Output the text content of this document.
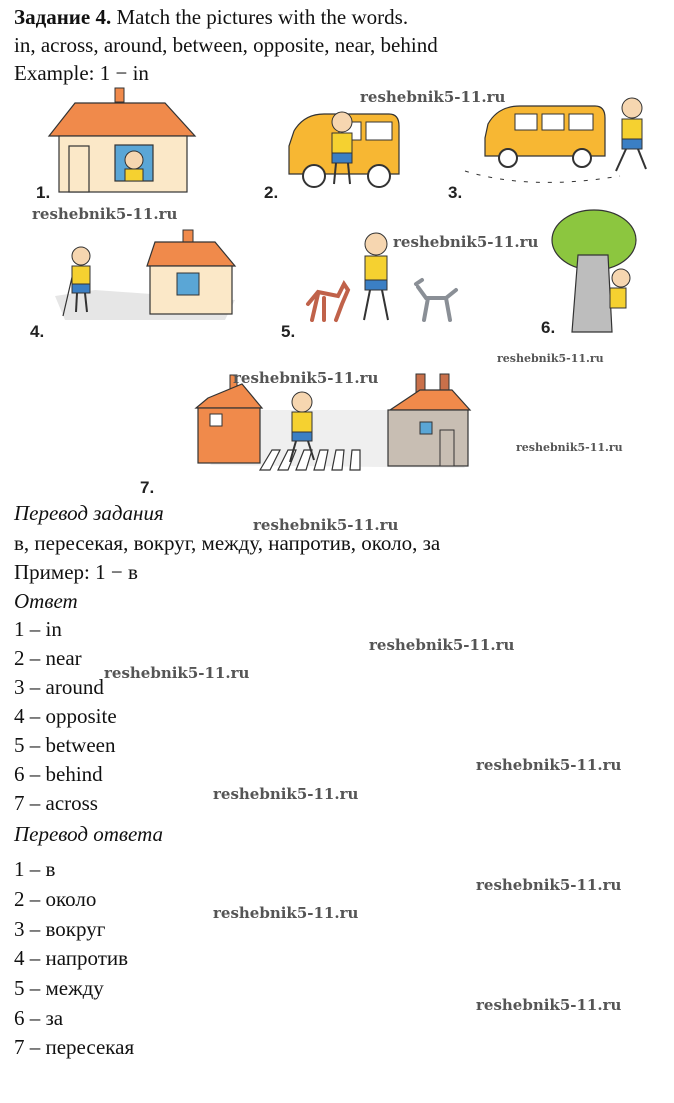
Задание 4. Match the pictures with the words.
in, across, around, between, opposite, near, behind
Example: 1 − in
1.	2.	3.
4.	5.	6.
7.
Перевод задания
в, пересекая, вокруг, между, напротив, около, за
Пример: 1 − в
Ответ
1 – in
2 – near
3 – around
4 – opposite
5 – between
6 – behind
7 – across
Перевод ответа
1 – в
2 – около
3 – вокруг
4 – напротив
5 – между
6 – за
7 – пересекая
reshebnik5-11.ru
reshebnik5-11.ru
reshebnik5-11.ru
reshebnik5-11.ru
reshebnik5-11.ru
reshebnik5-11.ru
reshebnik5-11.ru
reshebnik5-11.ru
reshebnik5-11.ru
reshebnik5-11.ru
reshebnik5-11.ru
reshebnik5-11.ru
reshebnik5-11.ru
reshebnik5-11.ru
